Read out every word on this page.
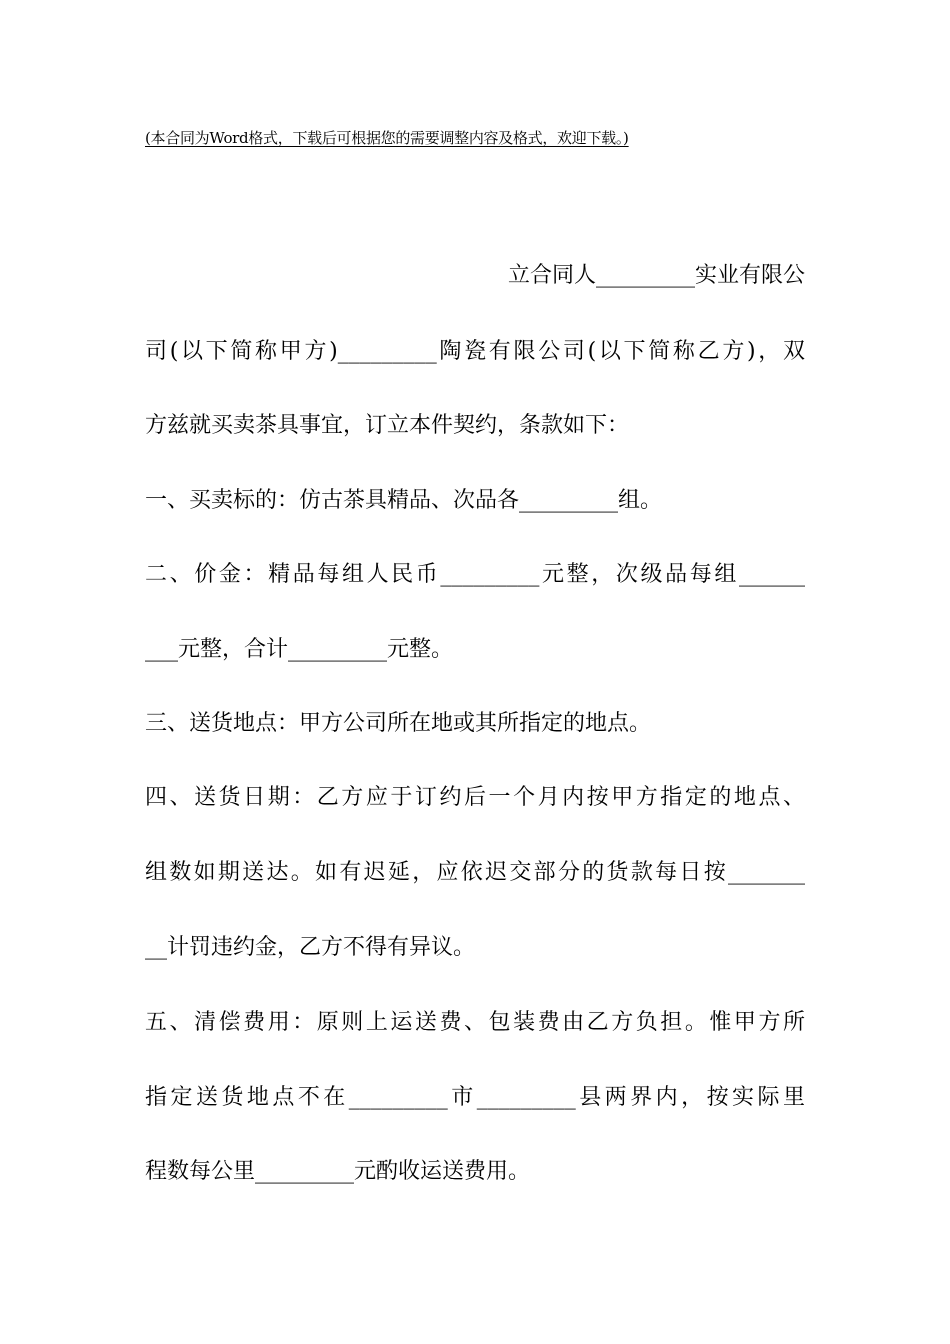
(本合同为Word格式，下载后可根据您的需要调整内容及格式，欢迎下载。)
立合同人_________实业有限公
司(以下简称甲方)_________陶瓷有限公司(以下简称乙方)，双
方兹就买卖茶具事宜，订立本件契约，条款如下：
一、买卖标的：仿古茶具精品、次品各_________组。
二、价金：精品每组人民币_________元整，次级品每组______
___元整，合计_________元整。
三、送货地点：甲方公司所在地或其所指定的地点。
四、送货日期：乙方应于订约后一个月内按甲方指定的地点、
组数如期送达。如有迟延，应依迟交部分的货款每日按_______
__计罚违约金，乙方不得有异议。
五、清偿费用：原则上运送费、包装费由乙方负担。惟甲方所
指定送货地点不在_________市_________县两界内，按实际里
程数每公里_________元酌收运送费用。
